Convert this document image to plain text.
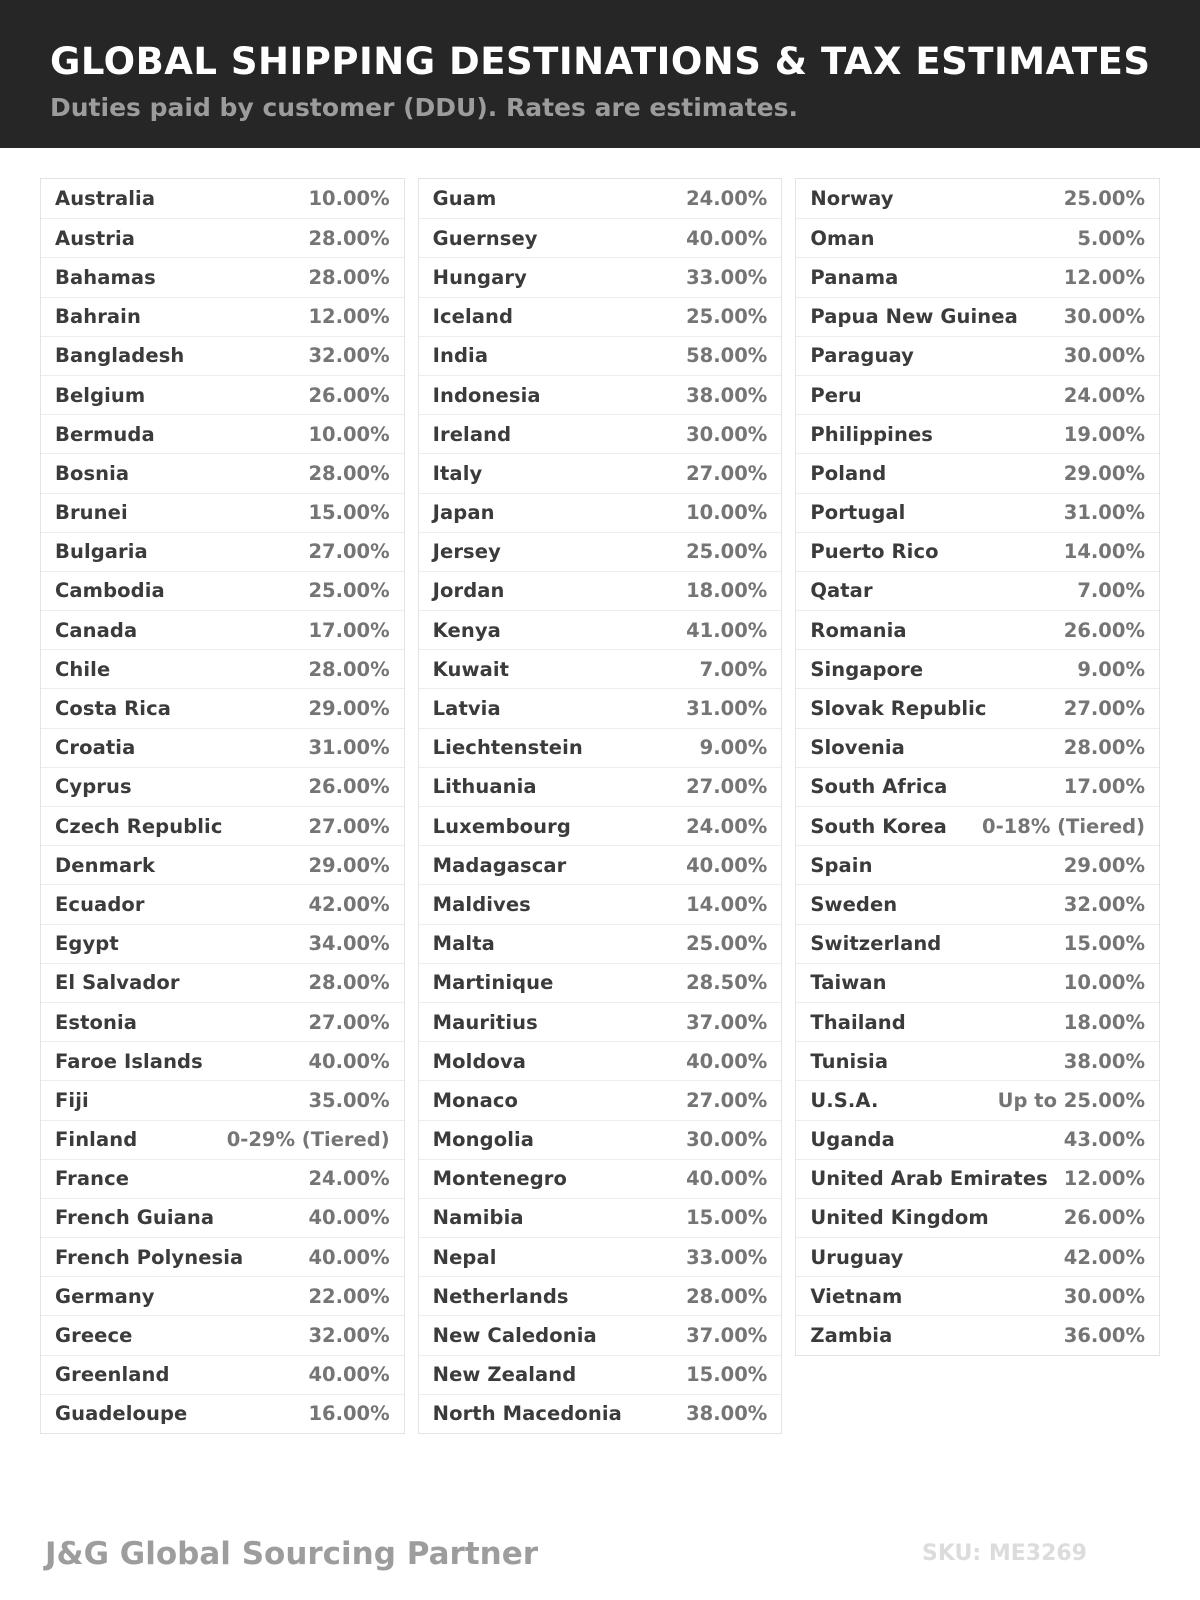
GLOBAL SHIPPING DESTINATIONS & TAX ESTIMATES
Duties paid by customer (DDU). Rates are estimates.
Australia	10.00%
Austria	28.00%
Bahamas	28.00%
Bahrain	12.00%
Bangladesh	32.00%
Belgium	26.00%
Bermuda	10.00%
Bosnia	28.00%
Brunei	15.00%
Bulgaria	27.00%
Cambodia	25.00%
Canada	17.00%
Chile	28.00%
Costa Rica	29.00%
Croatia	31.00%
Cyprus	26.00%
Czech Republic	27.00%
Denmark	29.00%
Ecuador	42.00%
Egypt	34.00%
El Salvador	28.00%
Estonia	27.00%
Faroe Islands	40.00%
Fiji	35.00%
Finland	0-29% (Tiered)
France	24.00%
French Guiana	40.00%
French Polynesia	40.00%
Germany	22.00%
Greece	32.00%
Greenland	40.00%
Guadeloupe	16.00%
Guam	24.00%
Guernsey	40.00%
Hungary	33.00%
Iceland	25.00%
India	58.00%
Indonesia	38.00%
Ireland	30.00%
Italy	27.00%
Japan	10.00%
Jersey	25.00%
Jordan	18.00%
Kenya	41.00%
Kuwait	7.00%
Latvia	31.00%
Liechtenstein	9.00%
Lithuania	27.00%
Luxembourg	24.00%
Madagascar	40.00%
Maldives	14.00%
Malta	25.00%
Martinique	28.50%
Mauritius	37.00%
Moldova	40.00%
Monaco	27.00%
Mongolia	30.00%
Montenegro	40.00%
Namibia	15.00%
Nepal	33.00%
Netherlands	28.00%
New Caledonia	37.00%
New Zealand	15.00%
North Macedonia	38.00%
Norway	25.00%
Oman	5.00%
Panama	12.00%
Papua New Guinea 30.00%
Paraguay	30.00%
Peru	24.00%
Philippines	19.00%
Poland	29.00%
Portugal	31.00%
Puerto Rico	14.00%
Qatar	7.00%
Romania	26.00%
Singapore	9.00%
Slovak Republic	27.00%
Slovenia	28.00%
South Africa	17.00%
South Korea 0-18% (Tiered)
Spain	29.00%
Sweden	32.00%
Switzerland	15.00%
Taiwan	10.00%
Thailand	18.00%
Tunisia	38.00%
U.S.A.	Up to 25.00%
Uganda	43.00%
United Arab Emirates 12.00%
United Kingdom	26.00%
Uruguay	42.00%
Vietnam	30.00%
Zambia	36.00%
J&G Global Sourcing Partner	SKU: ME3269
